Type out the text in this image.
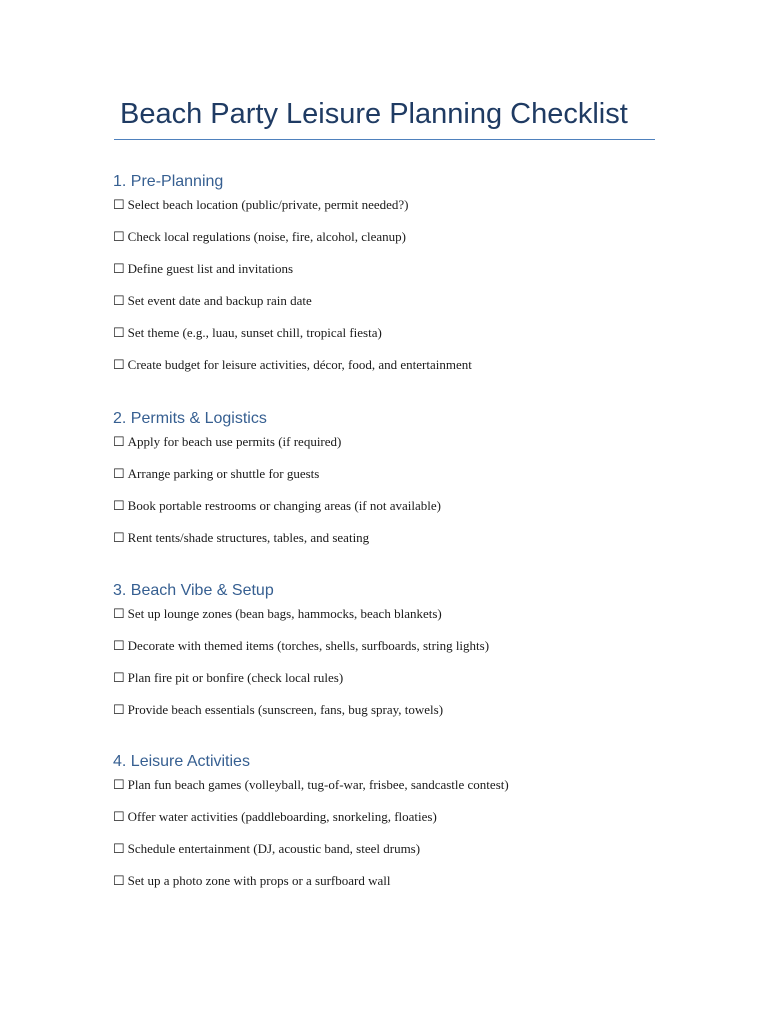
Beach Party Leisure Planning Checklist
1. Pre-Planning
☐ Select beach location (public/private, permit needed?)
☐ Check local regulations (noise, fire, alcohol, cleanup)
☐ Define guest list and invitations
☐ Set event date and backup rain date
☐ Set theme (e.g., luau, sunset chill, tropical fiesta)
☐ Create budget for leisure activities, décor, food, and entertainment
2. Permits & Logistics
☐ Apply for beach use permits (if required)
☐ Arrange parking or shuttle for guests
☐ Book portable restrooms or changing areas (if not available)
☐ Rent tents/shade structures, tables, and seating
3. Beach Vibe & Setup
☐ Set up lounge zones (bean bags, hammocks, beach blankets)
☐ Decorate with themed items (torches, shells, surfboards, string lights)
☐ Plan fire pit or bonfire (check local rules)
☐ Provide beach essentials (sunscreen, fans, bug spray, towels)
4. Leisure Activities
☐ Plan fun beach games (volleyball, tug-of-war, frisbee, sandcastle contest)
☐ Offer water activities (paddleboarding, snorkeling, floaties)
☐ Schedule entertainment (DJ, acoustic band, steel drums)
☐ Set up a photo zone with props or a surfboard wall
